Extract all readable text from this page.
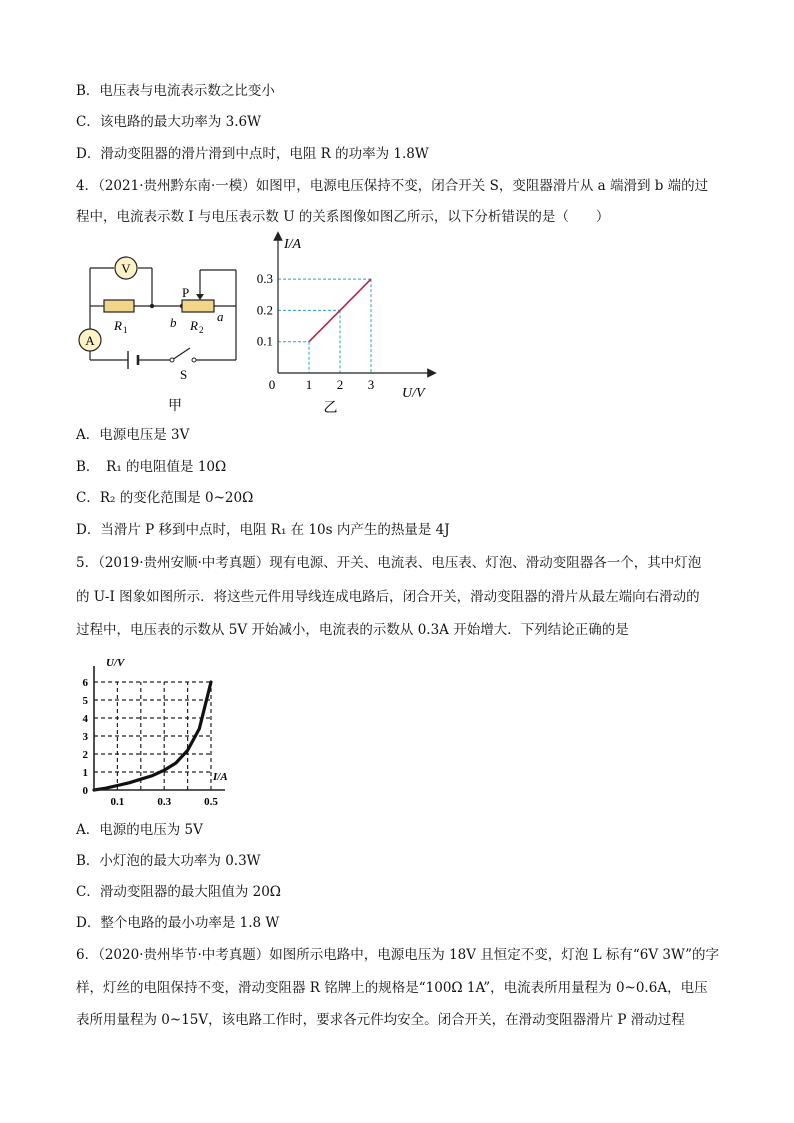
B．电压表与电流表示数之比变小
C．该电路的最大功率为 3.6W
D．滑动变阻器的滑片滑到中点时，电阻 R 的功率为 1.8W
4．（2021·贵州黔东南·一模）如图甲，电源电压保持不变，闭合开关 S，变阻器滑片从 a 端滑到 b 端的过
程中，电流表示数 I 与电压表示数 U 的关系图像如图乙所示，以下分析错误的是（　　）
V
A
R 1
P
b R 2
a
S
甲
1 2 3
0.1
0.2
0.3
U/V
I/A
0
乙
A．电源电压是 3V
B．　R₁ 的电阻值是 10Ω
C．R₂ 的变化范围是 0~20Ω
D．当滑片 P 移到中点时，电阻 R₁ 在 10s 内产生的热量是 4J
5．（2019·贵州安顺·中考真题）现有电源、开关、电流表、电压表、灯泡、滑动变阻器各一个，其中灯泡
的 U-I 图象如图所示．将这些元件用导线连成电路后，闭合开关，滑动变阻器的滑片从最左端向右滑动的
过程中，电压表的示数从 5V 开始减小，电流表的示数从 0.3A 开始增大．下列结论正确的是
0
1
2
3
4
5
6
0.1	0.3	0.5
I/A
U/V
A．电源的电压为 5V
B．小灯泡的最大功率为 0.3W
C．滑动变阻器的最大阻值为 20Ω
D．整个电路的最小功率是 1.8 W
6．（2020·贵州毕节·中考真题）如图所示电路中，电源电压为 18V 且恒定不变，灯泡 L 标有“6V 3W”的字
样，灯丝的电阻保持不变，滑动变阻器 R 铭牌上的规格是“100Ω 1A”，电流表所用量程为 0~0.6A，电压
表所用量程为 0~15V，该电路工作时，要求各元件均安全。闭合开关，在滑动变阻器滑片 P 滑动过程
